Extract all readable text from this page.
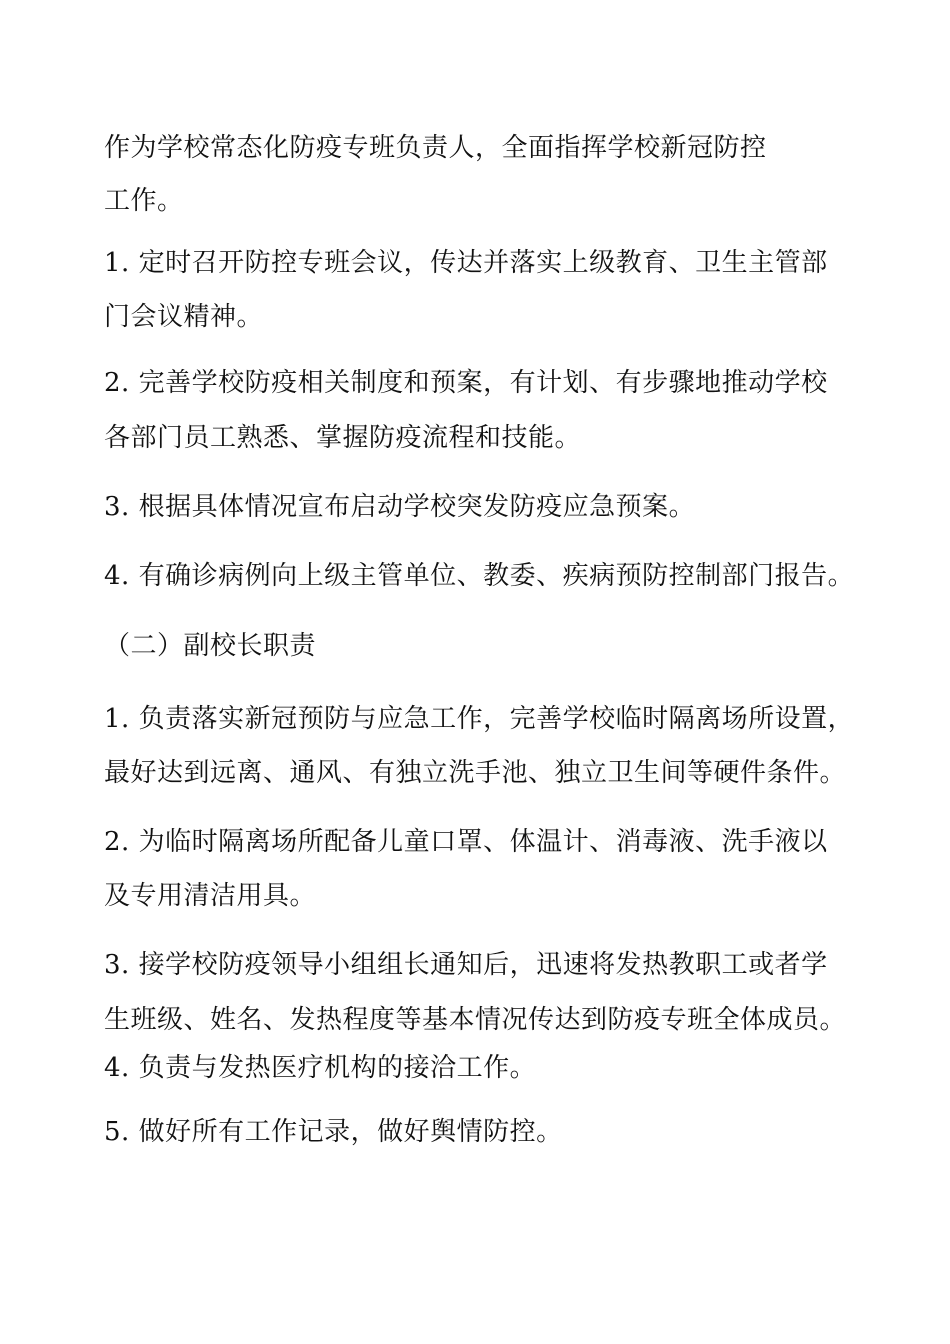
作为学校常态化防疫专班负责人，全面指挥学校新冠防控
工作。
1. 定时召开防控专班会议，传达并落实上级教育、卫生主管部
门会议精神。
2. 完善学校防疫相关制度和预案，有计划、有步骤地推动学校
各部门员工熟悉、掌握防疫流程和技能。
3. 根据具体情况宣布启动学校突发防疫应急预案。
4. 有确诊病例向上级主管单位、教委、疾病预防控制部门报告。
（二）副校长职责
1. 负责落实新冠预防与应急工作，完善学校临时隔离场所设置，
最好达到远离、通风、有独立洗手池、独立卫生间等硬件条件。
2. 为临时隔离场所配备儿童口罩、体温计、消毒液、洗手液以
及专用清洁用具。
3. 接学校防疫领导小组组长通知后，迅速将发热教职工或者学
生班级、姓名、发热程度等基本情况传达到防疫专班全体成员。
4. 负责与发热医疗机构的接洽工作。
5. 做好所有工作记录，做好舆情防控。
